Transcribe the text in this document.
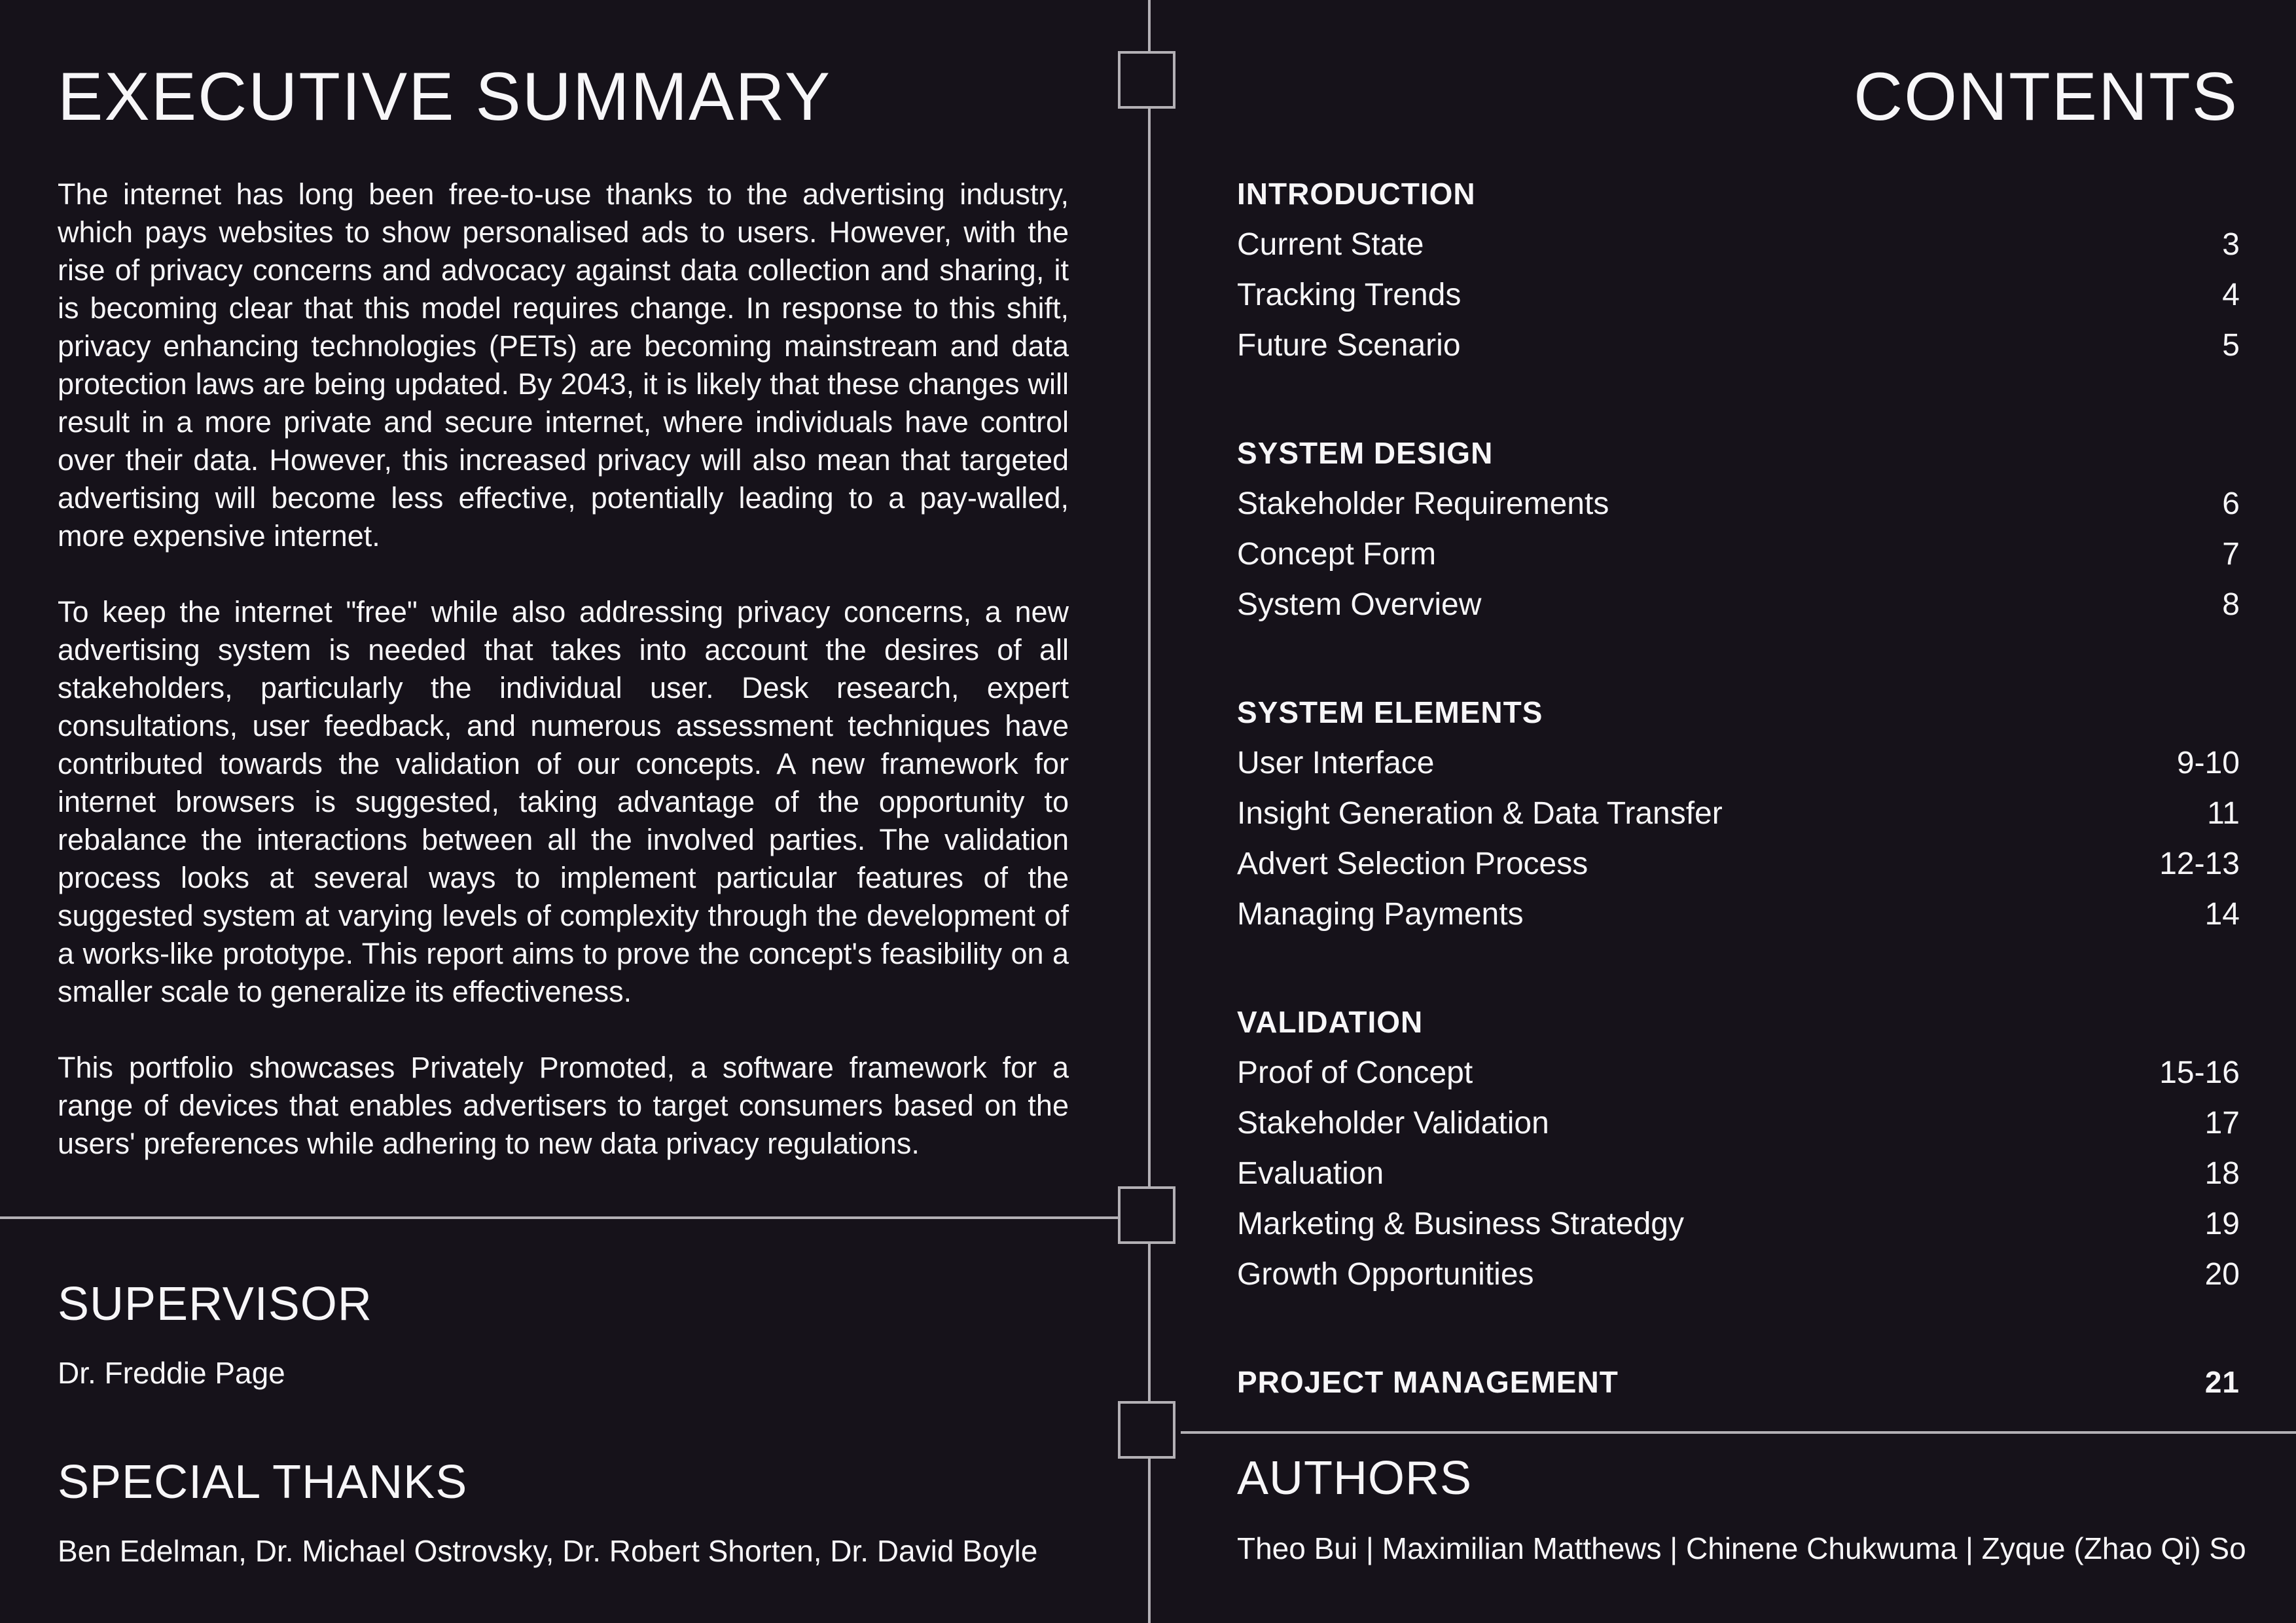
EXECUTIVE SUMMARY

The internet has long been free-to-use thanks to the advertising industry, which pays websites to show personalised ads to users. However, with the rise of privacy concerns and advocacy against data collection and sharing, it is becoming clear that this model requires change. In response to this shift, privacy enhancing technologies (PETs) are becoming mainstream and data protection laws are being updated. By 2043, it is likely that these changes will result in a more private and secure internet, where individuals have control over their data. However, this increased privacy will also mean that targeted advertising will become less effective, potentially leading to a pay-walled, more expensive internet.

To keep the internet "free" while also addressing privacy concerns, a new advertising system is needed that takes into account the desires of all stakeholders, particularly the individual user. Desk research, expert consultations, user feedback, and numerous assessment techniques have contributed towards the validation of our concepts. A new framework for internet browsers is suggested, taking advantage of the opportunity to rebalance the interactions between all the involved parties. The validation process looks at several ways to implement particular features of the suggested system at varying levels of complexity through the development of a works-like prototype. This report aims to prove the concept's feasibility on a smaller scale to generalize its effectiveness.

This portfolio showcases Privately Promoted, a software framework for a range of devices that enables advertisers to target consumers based on the users' preferences while adhering to new data privacy regulations.

SUPERVISOR
Dr. Freddie Page
SPECIAL THANKS
Ben Edelman, Dr. Michael Ostrovsky, Dr. Robert Shorten, Dr. David Boyle
CONTENTS
INTRODUCTION
Current State	3
Tracking Trends	4
Future Scenario	5
SYSTEM DESIGN
Stakeholder Requirements	6
Concept Form	7
System Overview	8
SYSTEM ELEMENTS
User Interface	9-10
Insight Generation & Data Transfer	11
Advert Selection Process	12-13
Managing Payments	14
VALIDATION
Proof of Concept	15-16
Stakeholder Validation	17
Evaluation	18
Marketing & Business Stratedgy	19
Growth Opportunities	20
PROJECT MANAGEMENT	21
AUTHORS
Theo Bui | Maximilian Matthews | Chinene Chukwuma | Zyque (Zhao Qi) So
